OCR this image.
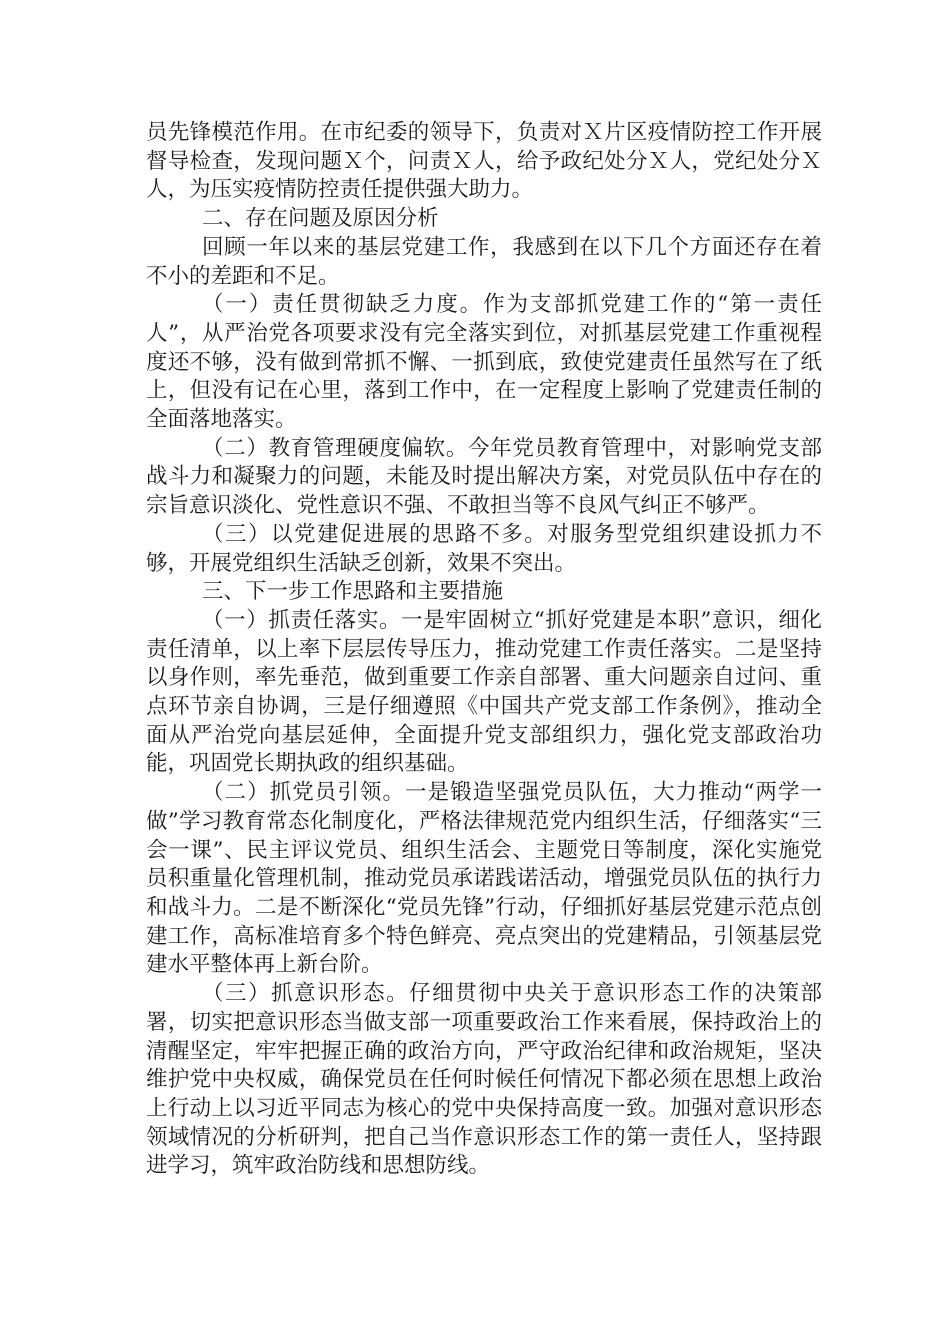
员先锋模范作用。在市纪委的领导下，负责对Ｘ片区疫情防控工作开展督导检查，发现问题Ｘ个，问责Ｘ人，给予政纪处分Ｘ人，党纪处分Ｘ人，为压实疫情防控责任提供强大助力。

二、存在问题及原因分析

回顾一年以来的基层党建工作，我感到在以下几个方面还存在着不小的差距和不足。

（一）责任贯彻缺乏力度。作为支部抓党建工作的“第一责任人”，从严治党各项要求没有完全落实到位，对抓基层党建工作重视程度还不够，没有做到常抓不懈、一抓到底，致使党建责任虽然写在了纸上，但没有记在心里，落到工作中，在一定程度上影响了党建责任制的全面落地落实。

（二）教育管理硬度偏软。今年党员教育管理中，对影响党支部战斗力和凝聚力的问题，未能及时提出解决方案，对党员队伍中存在的宗旨意识淡化、党性意识不强、不敢担当等不良风气纠正不够严。

（三）以党建促进展的思路不多。对服务型党组织建设抓力不够，开展党组织生活缺乏创新，效果不突出。

三、下一步工作思路和主要措施

（一）抓责任落实。一是牢固树立“抓好党建是本职”意识，细化责任清单，以上率下层层传导压力，推动党建工作责任落实。二是坚持以身作则，率先垂范，做到重要工作亲自部署、重大问题亲自过问、重点环节亲自协调，三是仔细遵照《中国共产党支部工作条例》，推动全面从严治党向基层延伸，全面提升党支部组织力，强化党支部政治功能，巩固党长期执政的组织基础。

（二）抓党员引领。一是锻造坚强党员队伍，大力推动“两学一做”学习教育常态化制度化，严格法律规范党内组织生活，仔细落实“三会一课”、民主评议党员、组织生活会、主题党日等制度，深化实施党员积重量化管理机制，推动党员承诺践诺活动，增强党员队伍的执行力和战斗力。二是不断深化“党员先锋”行动，仔细抓好基层党建示范点创建工作，高标准培育多个特色鲜亮、亮点突出的党建精品，引领基层党建水平整体再上新台阶。

（三）抓意识形态。仔细贯彻中央关于意识形态工作的决策部署，切实把意识形态当做支部一项重要政治工作来看展，保持政治上的清醒坚定，牢牢把握正确的政治方向，严守政治纪律和政治规矩，坚决维护党中央权威，确保党员在任何时候任何情况下都必须在思想上政治上行动上以习近平同志为核心的党中央保持高度一致。加强对意识形态领域情况的分析研判，把自己当作意识形态工作的第一责任人，坚持跟进学习，筑牢政治防线和思想防线。
